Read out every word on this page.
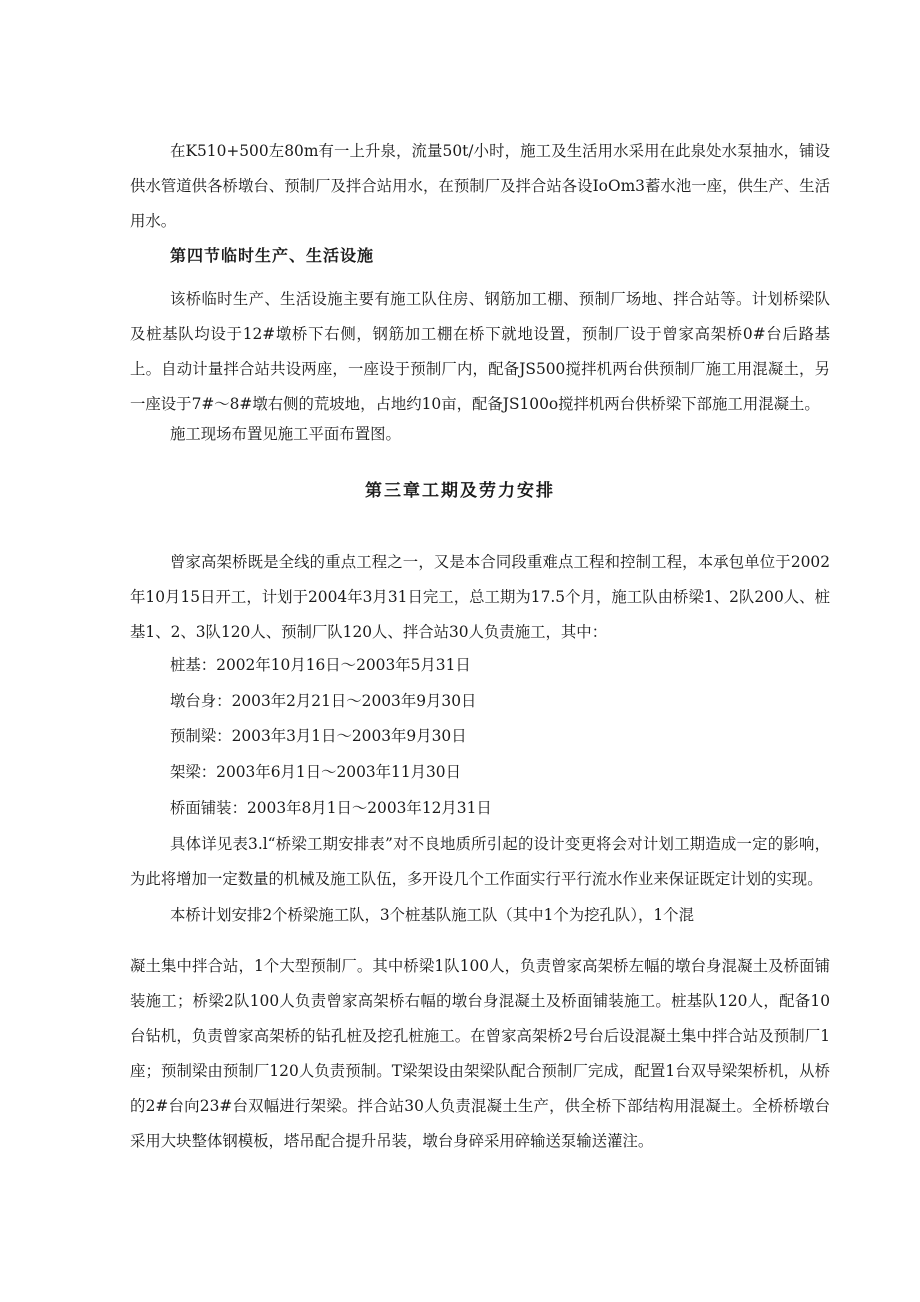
在K510+500左80m有一上升泉，流量50t/小时，施工及生活用水采用在此泉处水泵抽水，铺设供水管道供各桥墩台、预制厂及拌合站用水，在预制厂及拌合站各设IoOm3蓄水池一座，供生产、生活用水。

第四节临时生产、生活设施

该桥临时生产、生活设施主要有施工队住房、钢筋加工棚、预制厂场地、拌合站等。计划桥梁队及桩基队均设于12#墩桥下右侧，钢筋加工棚在桥下就地设置，预制厂设于曾家高架桥0#台后路基上。自动计量拌合站共设两座，一座设于预制厂内，配备JS500搅拌机两台供预制厂施工用混凝土，另一座设于7#～8#墩右侧的荒坡地，占地约10亩，配备JS100o搅拌机两台供桥梁下部施工用混凝土。

施工现场布置见施工平面布置图。

第三章工期及劳力安排

曾家高架桥既是全线的重点工程之一，又是本合同段重难点工程和控制工程，本承包单位于2002年10月15日开工，计划于2004年3月31日完工，总工期为17.5个月，施工队由桥梁1、2队200人、桩基1、2、3队120人、预制厂队120人、拌合站30人负责施工，其中：

桩基：2002年10月16日～2003年5月31日

墩台身：2003年2月21日～2003年9月30日

预制梁：2003年3月1日～2003年9月30日

架梁：2003年6月1日～2003年11月30日

桥面铺装：2003年8月1日～2003年12月31日

具体详见表3.l“桥梁工期安排表”对不良地质所引起的设计变更将会对计划工期造成一定的影响，为此将增加一定数量的机械及施工队伍，多开设几个工作面实行平行流水作业来保证既定计划的实现。

本桥计划安排2个桥梁施工队，3个桩基队施工队（其中1个为挖孔队），1个混

凝土集中拌合站，1个大型预制厂。其中桥梁1队100人，负责曾家高架桥左幅的墩台身混凝土及桥面铺装施工；桥梁2队100人负责曾家高架桥右幅的墩台身混凝土及桥面铺装施工。桩基队120人，配备10台钻机，负责曾家高架桥的钻孔桩及挖孔桩施工。在曾家高架桥2号台后设混凝土集中拌合站及预制厂1座；预制梁由预制厂120人负责预制。T梁架设由架梁队配合预制厂完成，配置1台双导梁架桥机，从桥的2#台向23#台双幅进行架梁。拌合站30人负责混凝土生产，供全桥下部结构用混凝土。全桥桥墩台采用大块整体钢模板，塔吊配合提升吊装，墩台身碎采用碎输送泵输送灌注。
